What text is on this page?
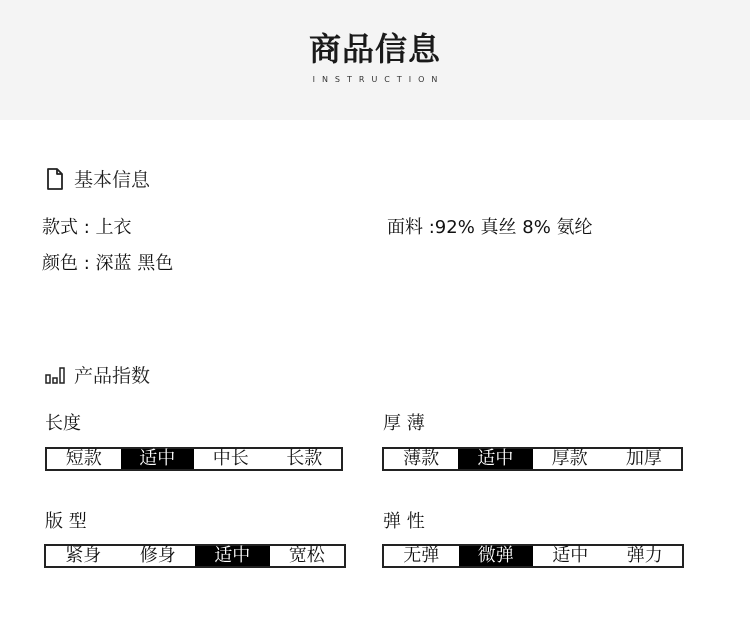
商品信息
INSTRUCTION
基本信息
款式 : 上衣
颜色 : 深蓝 黑色
面料 :92% 真丝 8% 氨纶
产品指数
长度
短款	适中	中长	长款
厚 薄
薄款	适中	厚款	加厚
版 型
紧身	修身	适中	宽松
弹 性
无弹	微弹	适中	弹力
